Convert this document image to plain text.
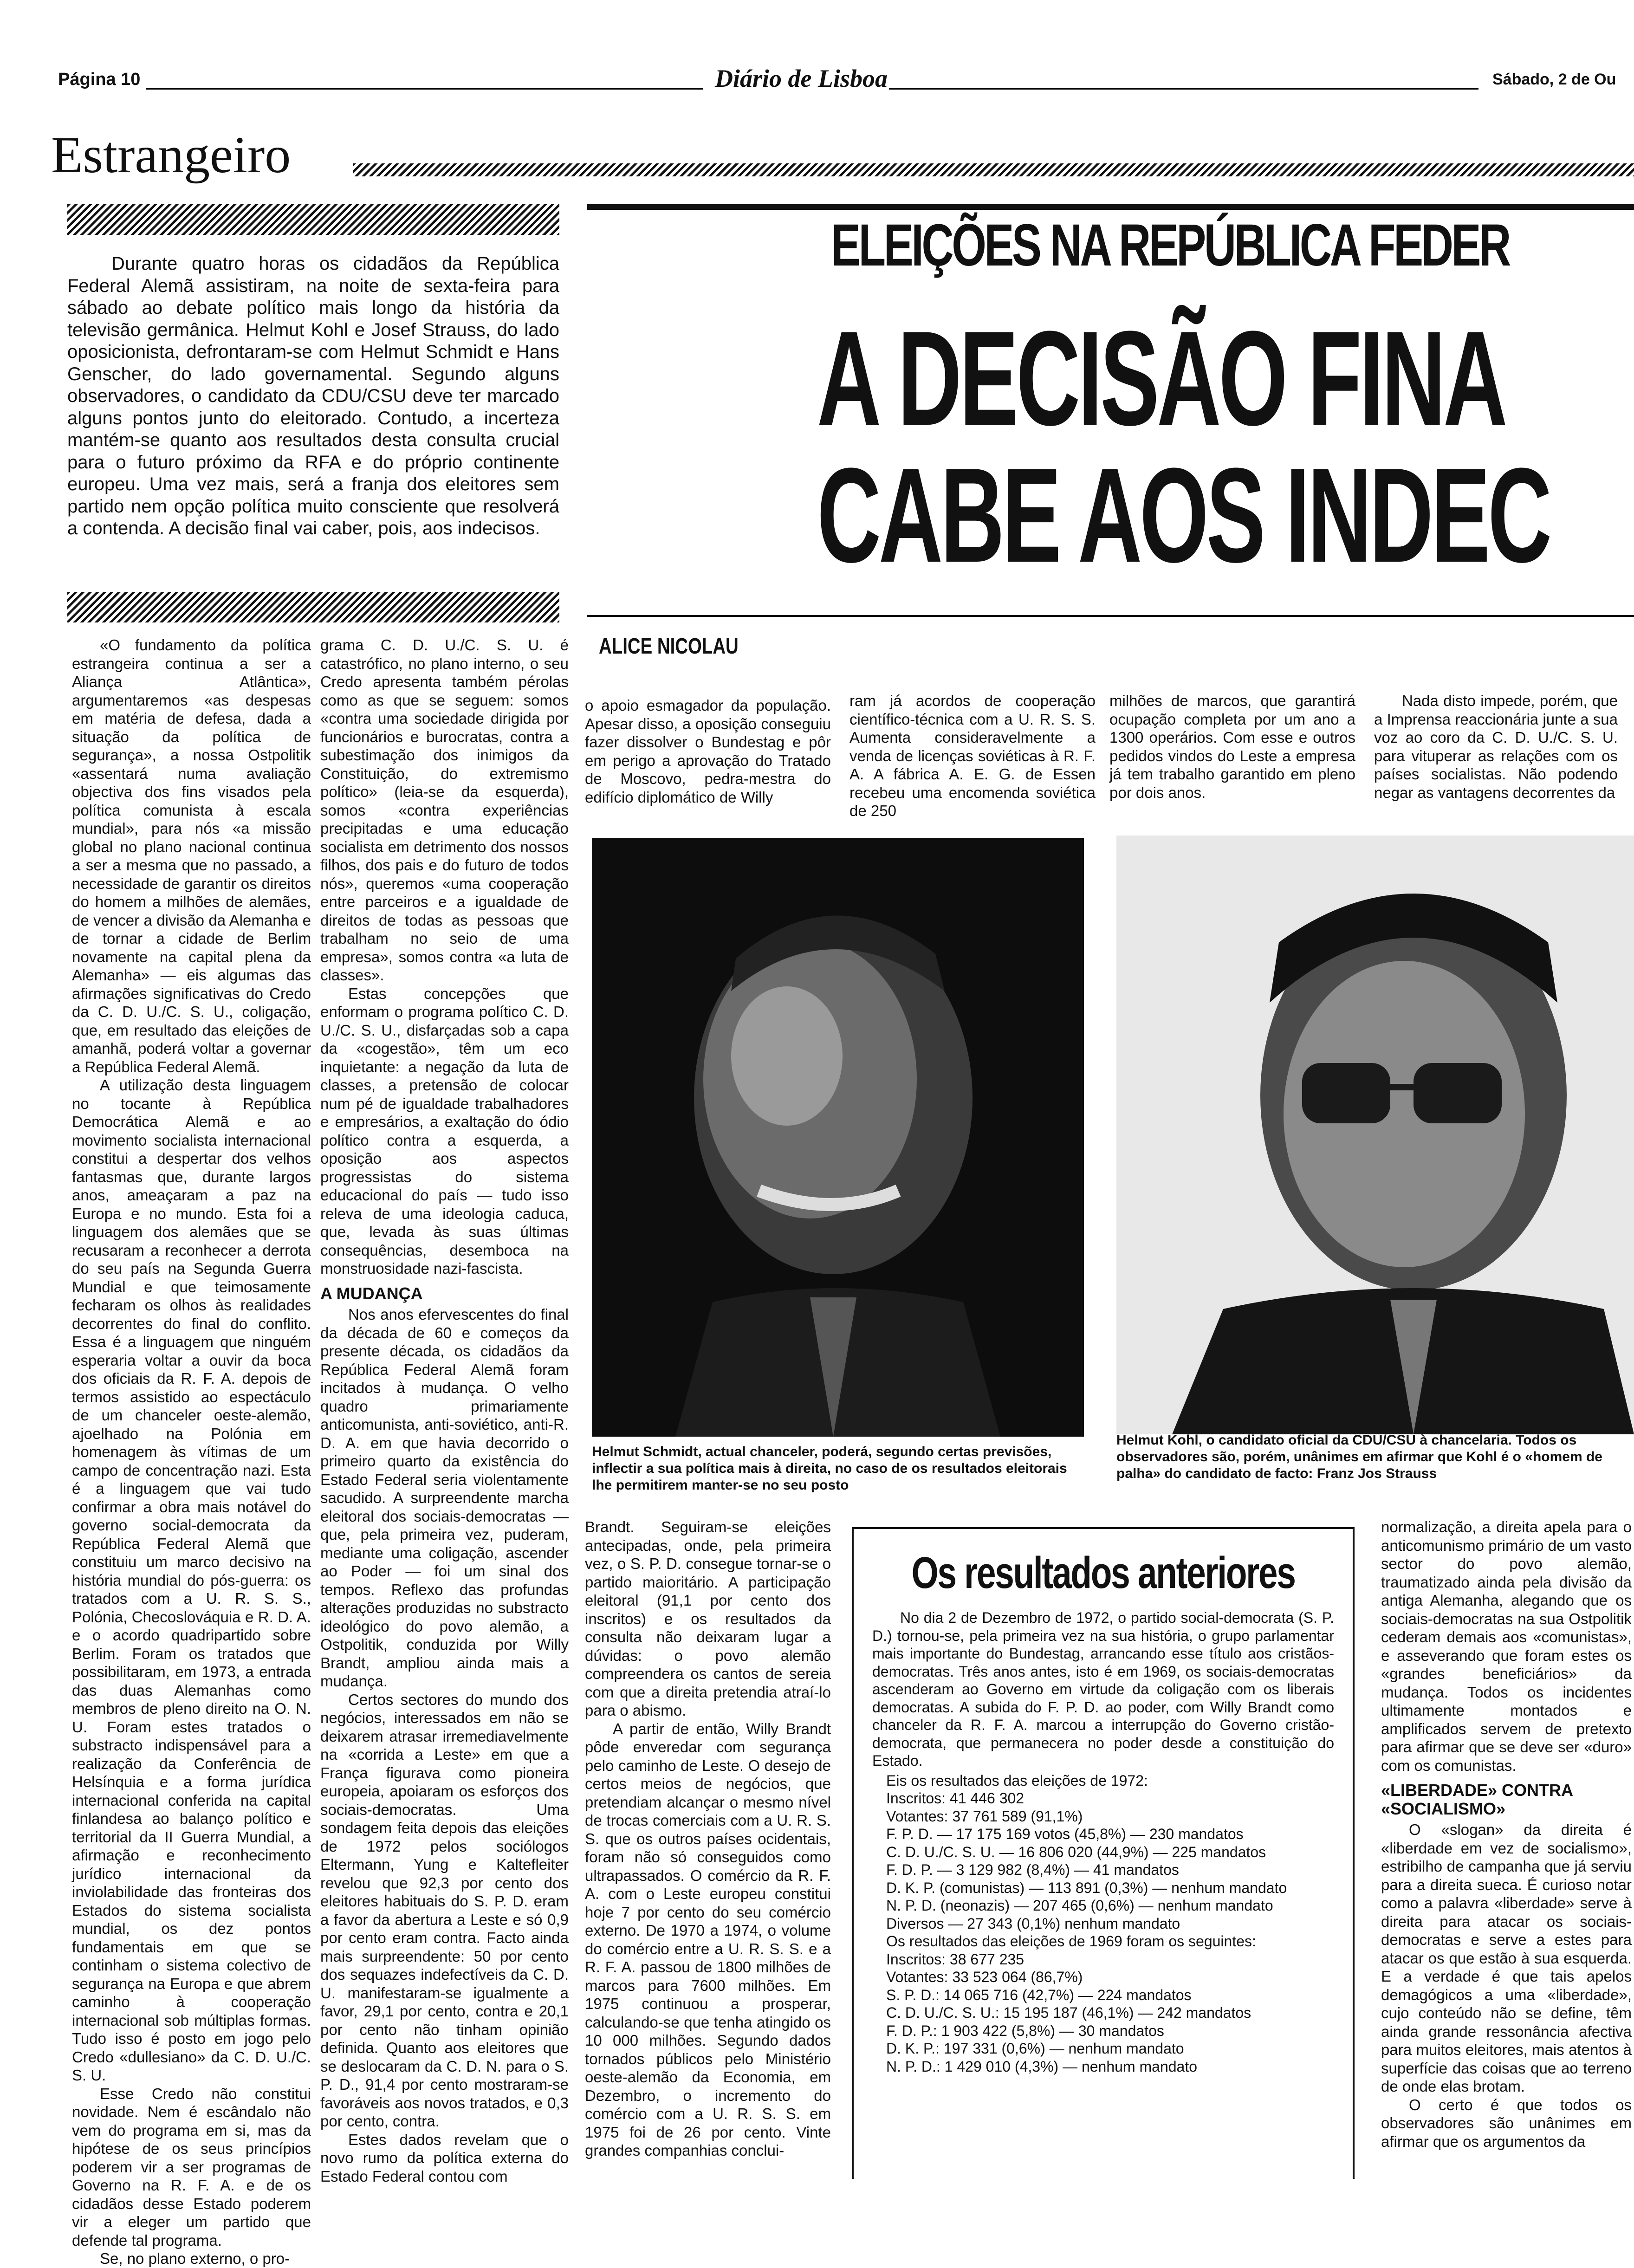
Página 10	Diário de Lisboa	Sábado, 2 de Ou
Estrangeiro
Durante quatro horas os cidadãos da República Federal Alemã assistiram, na noite de sexta-feira para sábado ao debate político mais longo da história da televisão germânica. Helmut Kohl e Josef Strauss, do lado oposicionista, defrontaram-se com Helmut Schmidt e Hans Genscher, do lado governamental. Segundo alguns observadores, o candidato da CDU/CSU deve ter marcado alguns pontos junto do eleitorado. Contudo, a incerteza mantém-se quanto aos resultados desta consulta crucial para o futuro próximo da RFA e do próprio continente europeu. Uma vez mais, será a franja dos eleitores sem partido nem opção política muito consciente que resolverá a contenda. A decisão final vai caber, pois, aos indecisos.
ELEIÇÕES NA REPÚBLICA FEDER
A DECISÃO FINA
CABE AOS INDEC
ALICE NICOLAU

«O fundamento da política estrangeira continua a ser a Aliança Atlântica», argumentaremos «as despesas em matéria de defesa, dada a situação da política de segurança», a nossa Ostpolitik «assentará numa avaliação objectiva dos fins visados pela política comunista à escala mundial», para nós «a missão global no plano nacional continua a ser a mesma que no passado, a necessidade de garantir os direitos do homem a milhões de alemães, de vencer a divisão da Alemanha e de tornar a cidade de Berlim novamente na capital plena da Alemanha» — eis algumas das afirmações significativas do Credo da C. D. U./C. S. U., coligação, que, em resultado das eleições de amanhã, poderá voltar a governar a República Federal Alemã.

A utilização desta linguagem no tocante à República Democrática Alemã e ao movimento socialista internacional constitui a despertar dos velhos fantasmas que, durante largos anos, ameaçaram a paz na Europa e no mundo. Esta foi a linguagem dos alemães que se recusaram a reconhecer a derrota do seu país na Segunda Guerra Mundial e que teimosamente fecharam os olhos às realidades decorrentes do final do conflito. Essa é a linguagem que ninguém esperaria voltar a ouvir da boca dos oficiais da R. F. A. depois de termos assistido ao espectáculo de um chanceler oeste-alemão, ajoelhado na Polónia em homenagem às vítimas de um campo de concentração nazi. Esta é a linguagem que vai tudo confirmar a obra mais notável do governo social-democrata da República Federal Alemã que constituiu um marco decisivo na história mundial do pós-guerra: os tratados com a U. R. S. S., Polónia, Checoslováquia e R. D. A. e o acordo quadripartido sobre Berlim. Foram os tratados que possibilitaram, em 1973, a entrada das duas Alemanhas como membros de pleno direito na O. N. U. Foram estes tratados o substracto indispensável para a realização da Conferência de Helsínquia e a forma jurídica internacional conferida na capital finlandesa ao balanço político e territorial da II Guerra Mundial, a afirmação e reconhecimento jurídico internacional da inviolabilidade das fronteiras dos Estados do sistema socialista mundial, os dez pontos fundamentais em que se continham o sistema colectivo de segurança na Europa e que abrem caminho à cooperação internacional sob múltiplas formas. Tudo isso é posto em jogo pelo Credo «dullesiano» da C. D. U./C. S. U.

Esse Credo não constitui novidade. Nem é escândalo não vem do programa em si, mas da hipótese de os seus princípios poderem vir a ser programas de Governo na R. F. A. e de os cidadãos desse Estado poderem vir a eleger um partido que defende tal programa.

Se, no plano externo, o pro-

grama C. D. U./C. S. U. é catastrófico, no plano interno, o seu Credo apresenta também pérolas como as que se seguem: somos «contra uma sociedade dirigida por funcionários e burocratas, contra a subestimação dos inimigos da Constituição, do extremismo político» (leia-se da esquerda), somos «contra experiências precipitadas e uma educação socialista em detrimento dos nossos filhos, dos pais e do futuro de todos nós», queremos «uma cooperação entre parceiros e a igualdade de direitos de todas as pessoas que trabalham no seio de uma empresa», somos contra «a luta de classes».

Estas concepções que enformam o programa político C. D. U./C. S. U., disfarçadas sob a capa da «cogestão», têm um eco inquietante: a negação da luta de classes, a pretensão de colocar num pé de igualdade trabalhadores e empresários, a exaltação do ódio político contra a esquerda, a oposição aos aspectos progressistas do sistema educacional do país — tudo isso releva de uma ideologia caduca, que, levada às suas últimas consequências, desemboca na monstruosidade nazi-fascista.

A MUDANÇA

Nos anos efervescentes do final da década de 60 e começos da presente década, os cidadãos da República Federal Alemã foram incitados à mudança. O velho quadro primariamente anticomunista, anti-soviético, anti-R. D. A. em que havia decorrido o primeiro quarto da existência do Estado Federal seria violentamente sacudido. A surpreendente marcha eleitoral dos sociais-democratas — que, pela primeira vez, puderam, mediante uma coligação, ascender ao Poder — foi um sinal dos tempos. Reflexo das profundas alterações produzidas no substracto ideológico do povo alemão, a Ostpolitik, conduzida por Willy Brandt, ampliou ainda mais a mudança.

Certos sectores do mundo dos negócios, interessados em não se deixarem atrasar irremediavelmente na «corrida a Leste» em que a França figurava como pioneira europeia, apoiaram os esforços dos sociais-democratas. Uma sondagem feita depois das eleições de 1972 pelos sociólogos Eltermann, Yung e Kaltefleiter revelou que 92,3 por cento dos eleitores habituais do S. P. D. eram a favor da abertura a Leste e só 0,9 por cento eram contra. Facto ainda mais surpreendente: 50 por cento dos sequazes indefectíveis da C. D. U. manifestaram-se igualmente a favor, 29,1 por cento, contra e 20,1 por cento não tinham opinião definida. Quanto aos eleitores que se deslocaram da C. D. N. para o S. P. D., 91,4 por cento mostraram-se favoráveis aos novos tratados, e 0,3 por cento, contra.

Estes dados revelam que o novo rumo da política externa do Estado Federal contou com

o apoio esmagador da população. Apesar disso, a oposição conseguiu fazer dissolver o Bundestag e pôr em perigo a aprovação do Tratado de Moscovo, pedra-mestra do edifício diplomático de Willy

ram já acordos de cooperação científico-técnica com a U. R. S. S. Aumenta consideravelmente a venda de licenças soviéticas à R. F. A. A fábrica A. E. G. de Essen recebeu uma encomenda soviética de 250

milhões de marcos, que garantirá ocupação completa por um ano a 1300 operários. Com esse e outros pedidos vindos do Leste a empresa já tem trabalho garantido em pleno por dois anos.

Nada disto impede, porém, que a Imprensa reaccionária junte a sua voz ao coro da C. D. U./C. S. U. para vituperar as relações com os países socialistas. Não podendo negar as vantagens decorrentes da

Helmut Schmidt, actual chanceler, poderá, segundo certas previsões, inflectir a sua política mais à direita, no caso de os resultados eleitorais lhe permitirem manter-se no seu posto
Helmut Kohl, o candidato oficial da CDU/CSU à chancelaria. Todos os observadores são, porém, unânimes em afirmar que Kohl é o «homem de palha» do candidato de facto: Franz Jos Strauss

Brandt. Seguiram-se eleições antecipadas, onde, pela primeira vez, o S. P. D. consegue tornar-se o partido maioritário. A participação eleitoral (91,1 por cento dos inscritos) e os resultados da consulta não deixaram lugar a dúvidas: o povo alemão compreendera os cantos de sereia com que a direita pretendia atraí-lo para o abismo.

A partir de então, Willy Brandt pôde enveredar com segurança pelo caminho de Leste. O desejo de certos meios de negócios, que pretendiam alcançar o mesmo nível de trocas comerciais com a U. R. S. S. que os outros países ocidentais, foram não só conseguidos como ultrapassados. O comércio da R. F. A. com o Leste europeu constitui hoje 7 por cento do seu comércio externo. De 1970 a 1974, o volume do comércio entre a U. R. S. S. e a R. F. A. passou de 1800 milhões de marcos para 7600 milhões. Em 1975 continuou a prosperar, calculando-se que tenha atingido os 10 000 milhões. Segundo dados tornados públicos pelo Ministério oeste-alemão da Economia, em Dezembro, o incremento do comércio com a U. R. S. S. em 1975 foi de 26 por cento. Vinte grandes companhias conclui-

Os resultados anteriores
No dia 2 de Dezembro de 1972, o partido social-democrata (S. P. D.) tornou-se, pela primeira vez na sua história, o grupo parlamentar mais importante do Bundestag, arrancando esse título aos cristãos-democratas. Três anos antes, isto é em 1969, os sociais-democratas ascenderam ao Governo em virtude da coligação com os liberais democratas. A subida do F. P. D. ao poder, com Willy Brandt como chanceler da R. F. A. marcou a interrupção do Governo cristão-democrata, que permanecera no poder desde a constituição do Estado.
Eis os resultados das eleições de 1972:
Inscritos: 41 446 302
Votantes: 37 761 589 (91,1%)
F. P. D. — 17 175 169 votos (45,8%) — 230 mandatos
C. D. U./C. S. U. — 16 806 020 (44,9%) — 225 mandatos
F. D. P. — 3 129 982 (8,4%) — 41 mandatos
D. K. P. (comunistas) — 113 891 (0,3%) — nenhum mandato
N. P. D. (neonazis) — 207 465 (0,6%) — nenhum mandato
Diversos — 27 343 (0,1%) nenhum mandato
Os resultados das eleições de 1969 foram os seguintes:
Inscritos: 38 677 235
Votantes: 33 523 064 (86,7%)
S. P. D.: 14 065 716 (42,7%) — 224 mandatos
C. D. U./C. S. U.: 15 195 187 (46,1%) — 242 mandatos
F. D. P.: 1 903 422 (5,8%) — 30 mandatos
D. K. P.: 197 331 (0,6%) — nenhum mandato
N. P. D.: 1 429 010 (4,3%) — nenhum mandato

normalização, a direita apela para o anticomunismo primário de um vasto sector do povo alemão, traumatizado ainda pela divisão da antiga Alemanha, alegando que os sociais-democratas na sua Ostpolitik cederam demais aos «comunistas», e asseverando que foram estes os «grandes beneficiários» da mudança. Todos os incidentes ultimamente montados e amplificados servem de pretexto para afirmar que se deve ser «duro» com os comunistas.

«LIBERDADE» CONTRA «SOCIALISMO»

O «slogan» da direita é «liberdade em vez de socialismo», estribilho de campanha que já serviu para a direita sueca. É curioso notar como a palavra «liberdade» serve à direita para atacar os sociais-democratas e serve a estes para atacar os que estão à sua esquerda. E a verdade é que tais apelos demagógicos a uma «liberdade», cujo conteúdo não se define, têm ainda grande ressonância afectiva para muitos eleitores, mais atentos à superfície das coisas que ao terreno de onde elas brotam.

O certo é que todos os observadores são unânimes em afirmar que os argumentos da
